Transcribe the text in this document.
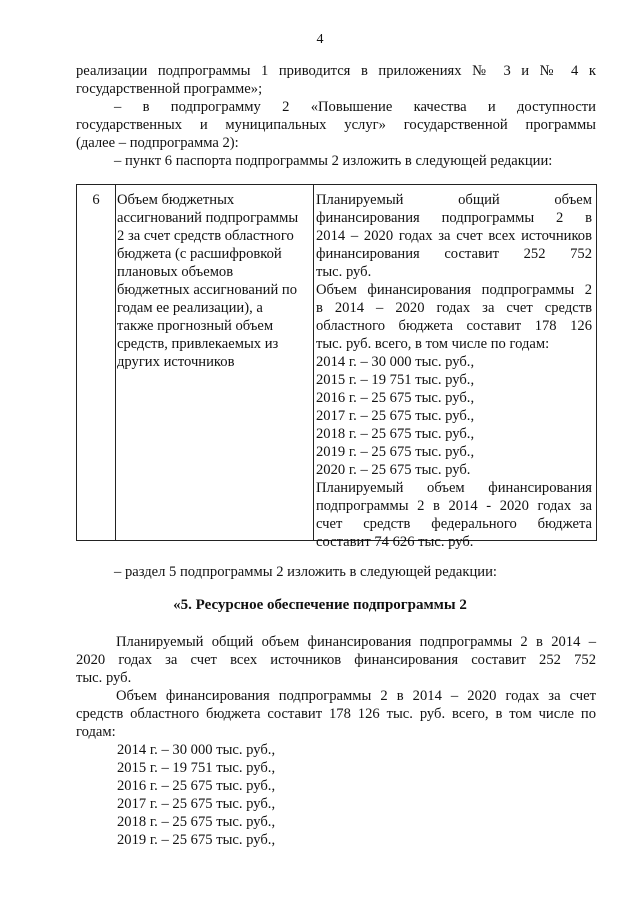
4
реализации подпрограммы 1 приводится в приложениях № 3 и № 4 к
государственной программе»;
– в подпрограмму 2 «Повышение качества и доступности
государственных и муниципальных услуг» государственной программы
(далее – подпрограмма 2):
– пункт 6 паспорта подпрограммы 2 изложить в следующей редакции:
6	Объем бюджетных
ассигнований подпрограммы
2 за счет средств областного
бюджета (с расшифровкой
плановых объемов
бюджетных ассигнований по
годам ее реализации), а
также прогнозный объем
средств, привлекаемых из
других источников
Планируемый общий объем
финансирования подпрограммы 2 в
2014 – 2020 годах за счет всех источников
финансирования составит 252 752
тыс. руб.
Объем финансирования подпрограммы 2
в 2014 – 2020 годах за счет средств
областного бюджета составит 178 126
тыс. руб. всего, в том числе по годам:
2014 г. – 30 000 тыс. руб.,
2015 г. – 19 751 тыс. руб.,
2016 г. – 25 675 тыс. руб.,
2017 г. – 25 675 тыс. руб.,
2018 г. – 25 675 тыс. руб.,
2019 г. – 25 675 тыс. руб.,
2020 г. – 25 675 тыс. руб.
Планируемый объем финансирования
подпрограммы 2 в 2014 - 2020 годах за
счет средств федерального бюджета
составит 74 626 тыс. руб.
– раздел 5 подпрограммы 2 изложить в следующей редакции:
«5. Ресурсное обеспечение подпрограммы 2
Планируемый общий объем финансирования подпрограммы 2 в 2014 –
2020 годах за счет всех источников финансирования составит 252 752
тыс. руб.
Объем финансирования подпрограммы 2 в 2014 – 2020 годах за счет
средств областного бюджета составит 178 126 тыс. руб. всего, в том числе по
годам:
2014 г. – 30 000 тыс. руб.,
2015 г. – 19 751 тыс. руб.,
2016 г. – 25 675 тыс. руб.,
2017 г. – 25 675 тыс. руб.,
2018 г. – 25 675 тыс. руб.,
2019 г. – 25 675 тыс. руб.,
